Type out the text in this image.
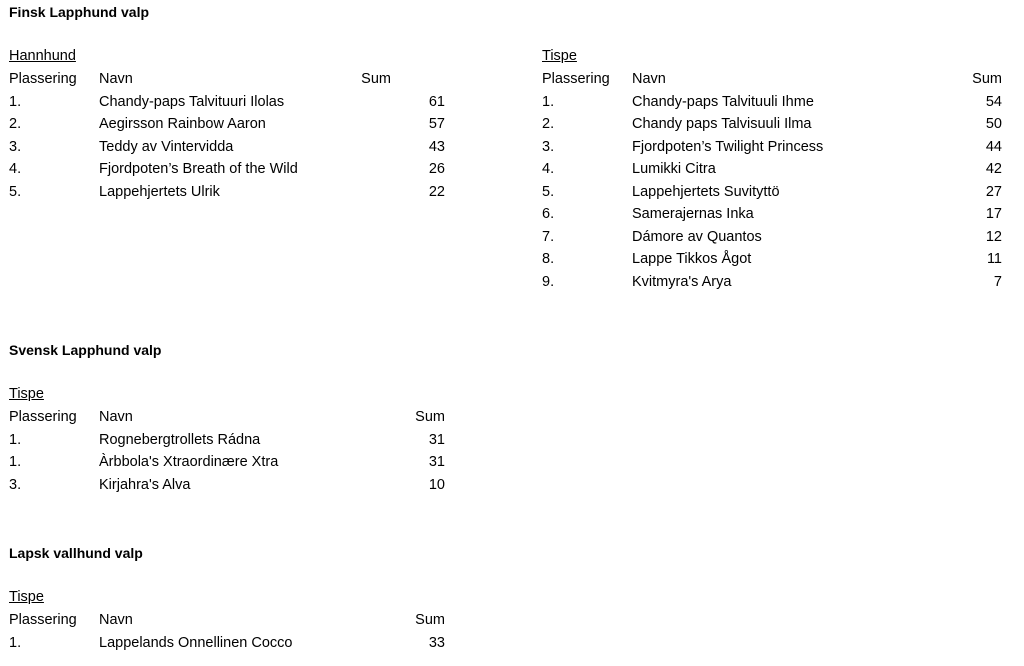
Finsk Lapphund valp
Hannhund
Plassering Navn	Sum
1.	Chandy-paps Talvituuri Ilolas	61
2.	Aegirsson Rainbow Aaron	57
3.	Teddy av Vintervidda	43
4.	Fjordpoten’s Breath of the Wild	26
5.	Lappehjertets Ulrik	22
Tispe
Plassering Navn	Sum
1.	Chandy-paps Talvituuli Ihme	54
2.	Chandy paps Talvisuuli Ilma	50
3.	Fjordpoten’s Twilight Princess	44
4.	Lumikki Citra	42
5.	Lappehjertets Suvityttö	27
6.	Samerajernas Inka	17
7.	Dámore av Quantos	12
8.	Lappe Tikkos Ågot	11
9.	Kvitmyra's Arya	7
Svensk Lapphund valp
Tispe
Plassering Navn	Sum
1.	Rognebergtrollets Rádna	31
1.	Àrbbola's Xtraordinære Xtra	31
3.	Kirjahra's Alva	10
Lapsk vallhund valp
Tispe
Plassering Navn	Sum
1.	Lappelands Onnellinen Cocco	33
